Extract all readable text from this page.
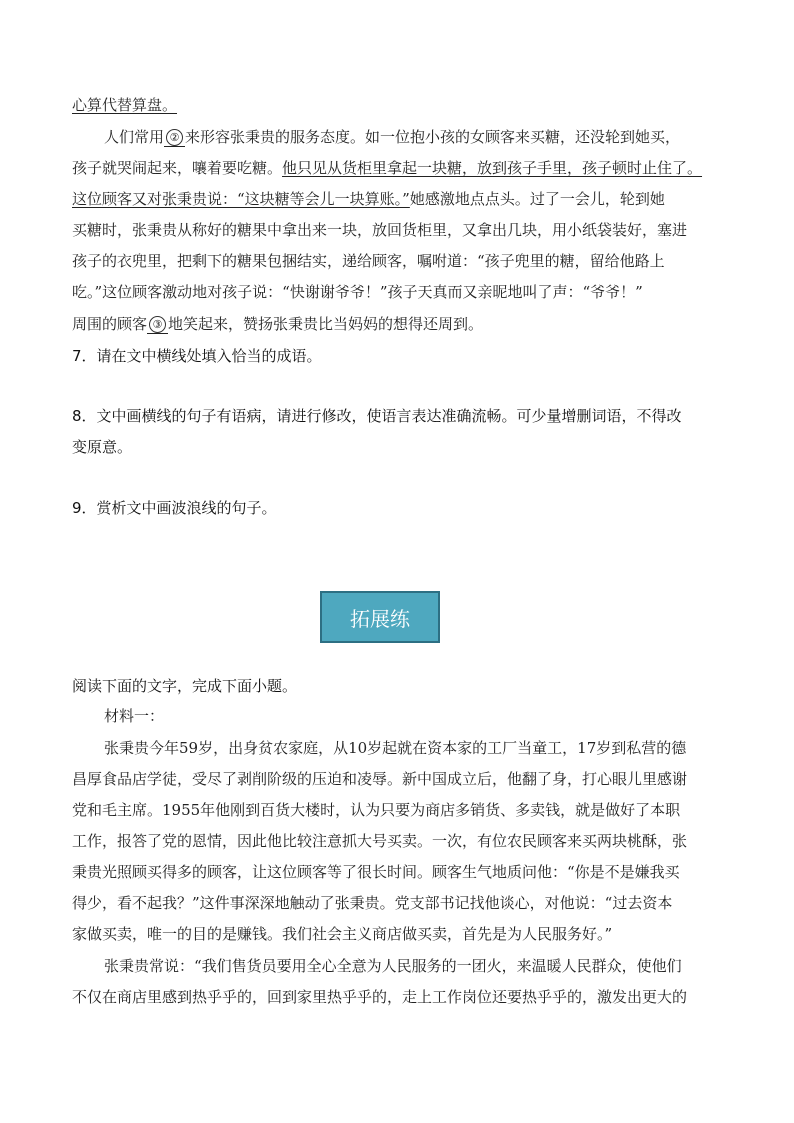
心算代替算盘。
人们常用 ② 来形容张秉贵的服务态度。如一位抱小孩的女顾客来买糖，还没轮到她买，
孩子就哭闹起来，嚷着要吃糖。他只见从货柜里拿起一块糖，放到孩子手里，孩子顿时止住了。
这位顾客又对张秉贵说：“这块糖等会儿一块算账。”她感激地点点头。过了一会儿，轮到她
买糖时，张秉贵从称好的糖果中拿出来一块，放回货柜里，又拿出几块，用小纸袋装好，塞进
孩子的衣兜里，把剩下的糖果包捆结实，递给顾客，嘱咐道：“孩子兜里的糖，留给他路上
吃。”这位顾客激动地对孩子说：“快谢谢爷爷！”孩子天真而又亲昵地叫了声：“爷爷！”
周围的顾客 ③ 地笑起来，赞扬张秉贵比当妈妈的想得还周到。
7．请在文中横线处填入恰当的成语。
8．文中画横线的句子有语病，请进行修改，使语言表达准确流畅。可少量增删词语，不得改
变原意。
9．赏析文中画波浪线的句子。
拓展练
阅读下面的文字，完成下面小题。
材料一：
张秉贵今年59岁，出身贫农家庭，从10岁起就在资本家的工厂当童工，17岁到私营的德
昌厚食品店学徒，受尽了剥削阶级的压迫和凌辱。新中国成立后，他翻了身，打心眼儿里感谢
党和毛主席。1955年他刚到百货大楼时，认为只要为商店多销货、多卖钱，就是做好了本职
工作，报答了党的恩情，因此他比较注意抓大号买卖。一次，有位农民顾客来买两块桃酥，张
秉贵光照顾买得多的顾客，让这位顾客等了很长时间。顾客生气地质问他：“你是不是嫌我买
得少，看不起我？”这件事深深地触动了张秉贵。党支部书记找他谈心，对他说：“过去资本
家做买卖，唯一的目的是赚钱。我们社会主义商店做买卖，首先是为人民服务好。”
张秉贵常说：“我们售货员要用全心全意为人民服务的一团火，来温暖人民群众，使他们
不仅在商店里感到热乎乎的，回到家里热乎乎的，走上工作岗位还要热乎乎的，激发出更大的
